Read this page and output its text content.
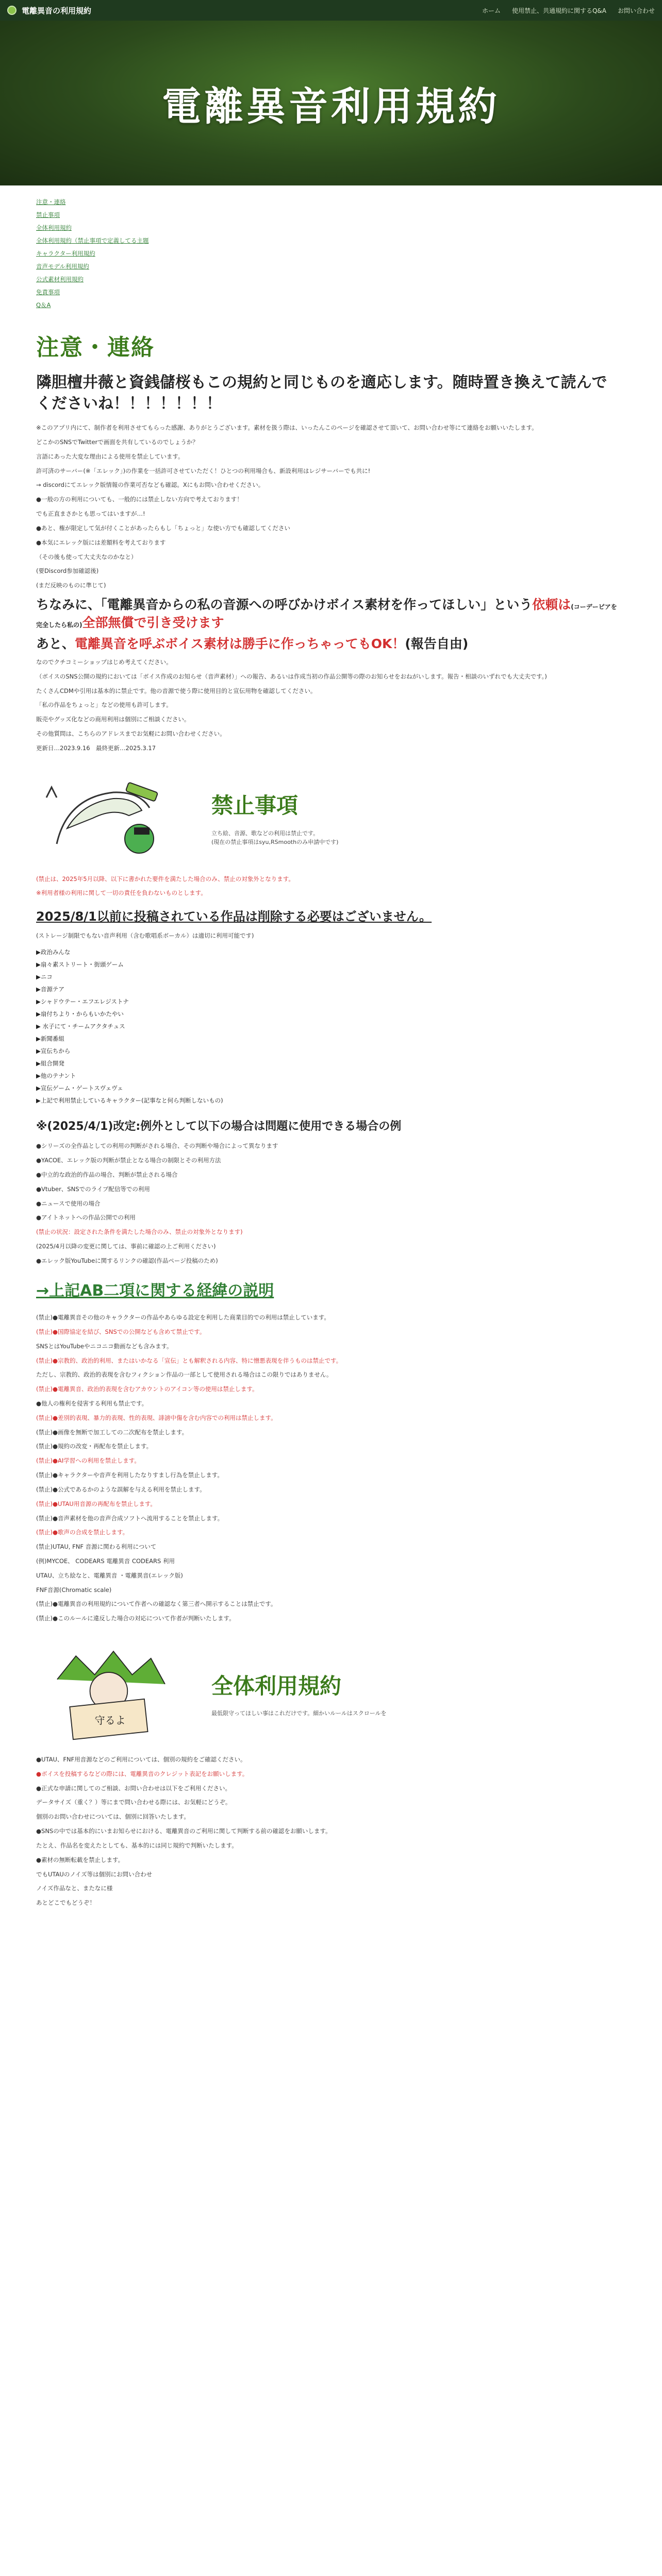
電離異音の利用規約	ホーム 使用禁止、共通規約に関するQ&A お問い合わせ
電離異音利用規約
注意・連絡
禁止事項
全体利用規約
全体利用規約（禁止事項で定義してる主題
キャラクター利用規約
音声モデル利用規約
公式素材利用規約
免責事項
Q＆A
注意・連絡
隣胆檀井薇と資銭儲桜もこの規約と同じものを適応します。随時置き換えて読んでくださいね！！！！！！！

※このアプリ内にて、制作者を利用させてもらった感謝、ありがとうございます。素材を扱う際は、いったんこのページを確認させて頂いて、お問い合わせ等にて連絡をお願いいたします。

どこかのSNSでTwitterで画面を共有しているのでしょうか？

言語にあった大変な理由による使用を禁止しています。

許可済のサーバー(※「エレック」)の作業を一括許可させていただく！ひとつの利用場合も、新設利用はレジサーバーでも共に!

→ discordにてエレック版情報の作業可否なども確認。Xにもお問い合わせください。

●一般の方の利用についても、一般的には禁止しない方向で考えております！

でも正直まさかとも思ってはいますが…!

●あと、権が限定して気が付くことがあったらもし「ちょっと」な使い方でも確認してください

●本気にエレック版には差額料を考えております

（その後も使って大丈夫なのかなと）

(要Discord参加確認後)

(まだ反映のものに準じて)

ちなみに、「電離異音からの私の音源への呼びかけボイス素材を作ってほしい」という依頼は(コーデーピアを完全したら私の)全部無償で引き受けます
あと、電離異音を呼ぶボイス素材は勝手に作っちゃってもOK！(報告自由)

なのでクチコミーショップはじめ考えてください。

（ボイスのSNS公開の規約においては「ボイス作成のお知らせ（音声素材）」への報告、あるいは作成当初の作品公開等の際のお知らせをおねがいします。報告・相談のいずれでも大丈夫です。)

たくさんCDMや引用は基本的に禁止です。他の音源で使う際に使用目的と宣伝用物を確認してください。

「私の作品をちょっと」などの使用も許可します。

販売やグッズ化などの商用利用は個別にご相談ください。

その他質問は、こちらのアドレスまでお気軽にお問い合わせください。

更新日…2023.9.16　最終更新…2025.3.17

禁止事項
立ち絵、音源、歌などの利用は禁止です。
(現在の禁止事項はsyu,RSmoothのみ申請中です)

(禁止は、2025年5月以降、以下に書かれた要件を満たした場合のみ、禁止の対象外となります。

※利用者様の利用に関して一切の責任を負わないものとします。

2025/8/1以前に投稿されている作品は削除する必要はございません。

(ストレージ制限でもない音声利用（含む歌唱系ボーカル）は適切に利用可能です)

▶政治みんな
▶扇々素ストリート・街頭ゲーム
▶ニコ
▶音源テア
▶シャドウテー・エフエレジストナ
▶扇付ちより・からもいかたやい
▶ 水子にて・チームアクタチュス
▶新聞番組
▶宣伝ちから
▶組合開発
▶他のテナント
▶宣伝ゲーム・ゲートスヴェヴェ
▶上記で利用禁止しているキャラクター(記事なと何ら判断しないもの)
※(2025/4/1)改定:例外として以下の場合は問題に使用できる場合の例

●シリーズの全作品としての利用の判断がされる場合、その判断や場合によって異なります

●YACOE、エレック版の判断が禁止となる場合の制限とその利用方法

●中立的な政治的作品の場合、判断が禁止される場合

●Vtuber、SNSでのライブ配信等での利用

●ニュースで使用の場合

●アイトネットへの作品公開での利用

(禁止の状況：設定された条件を満たした場合のみ、禁止の対象外となります)

(2025/4月以降の変更に関しては、事前に確認の上ご利用ください)

●エレック版YouTubeに関するリンクの確認(作品ページ投稿のため)

→上記AB二項に関する経緯の説明

(禁止)●電離異音その他のキャラクターの作品やあらゆる設定を利用した商業目的での利用は禁止しています。

(禁止)●国際協定を結び、SNSでの公開なども含めて禁止です。

SNSとはYouTubeやニコニコ動画なども含みます。

(禁止)●宗教的、政治的利用、またはいかなる「宣伝」とも解釈される内容、特に憎悪表現を伴うものは禁止です。

ただし、宗教的、政治的表現を含むフィクション作品の一部として使用される場合はこの限りではありません。

(禁止)●電離異音、政治的表現を含むアカウントのアイコン等の使用は禁止します。

●他人の権利を侵害する利用も禁止です。

(禁止)●差別的表現、暴力的表現、性的表現、誹謗中傷を含む内容での利用は禁止します。

(禁止)●画像を無断で加工しての二次配布を禁止します。

(禁止)●規約の改変・再配布を禁止します。

(禁止)●AI学習への利用を禁止します。

(禁止)●キャラクターや音声を利用したなりすまし行為を禁止します。

(禁止)●公式であるかのような誤解を与える利用を禁止します。

(禁止)●UTAU用音源の再配布を禁止します。

(禁止)●音声素材を他の音声合成ソフトへ流用することを禁止します。

(禁止)●歌声の合成を禁止します。

(禁止)UTAU, FNF 音源に関わる利用について

(例)MYCOE、 CODEARS 電離異音 CODEARS 利用

UTAU、立ち絵なと、電離異音 ・電離異音(エレック版)

FNF音源(Chromatic scale)

(禁止)●電離異音の利用規約について作者への確認なく第三者へ開示することは禁止です。

(禁止)●このルールに違反した場合の対応について作者が判断いたします。

守るよ
全体利用規約
最低限守ってほしい事はこれだけです。細かいルールはスクロールを

●UTAU、FNF用音源などのご利用については、個別の規約をご確認ください。

●ボイスを投稿するなどの際には、電離異音のクレジット表記をお願いします。

●正式な申請に関してのご相談、お問い合わせは以下をご利用ください。

データサイズ（重く？）等にまで問い合わせる際には、お気軽にどうぞ。

個別のお問い合わせについては、個別に回答いたします。

●SNSの中では基本的にいまお知らせにおける、電離異音のご利用に関して判断する前の確認をお願いします。

たとえ、作品名を変えたとしても、基本的には同じ規約で判断いたします。

●素材の無断転載を禁止します。

でもUTAUのノイズ等は個別にお問い合わせ

ノイズ作品なと、またなに様

あとどこでもどうぞ！
